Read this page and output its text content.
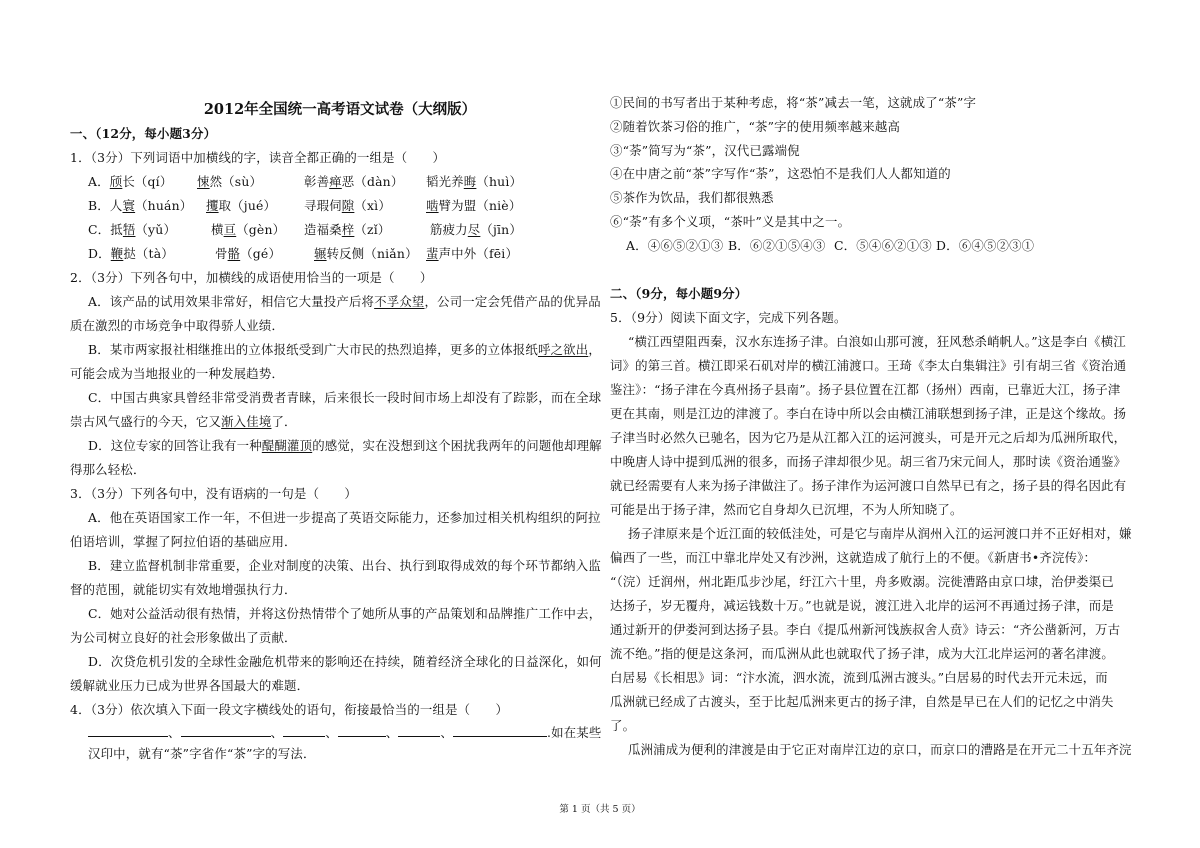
2012年全国统一高考语文试卷（大纲版）
一、（12分，每小题3分）
1．（3分）下列词语中加横线的字，读音全都正确的一组是（　　）
A．颀长（qí） 悚然（sù）	彰善瘅恶（dàn） 韬光养晦（huì）
B．人寰（huán） 攫取（jué） 寻瑕伺隙（xì）	啮臂为盟（niè）
C．抵牾（yǔ）	横亘（gèn） 造福桑梓（zǐ）	筋疲力尽（jīn）
D．鞭挞（tà）	骨骼（gé）	辗转反侧（niǎn） 蜚声中外（fēi）
2．（3分）下列各句中，加横线的成语使用恰当的一项是（　　）
A．该产品的试用效果非常好，相信它大量投产后将不孚众望，公司一定会凭借产品的优异品
质在激烈的市场竞争中取得骄人业绩．
B．某市两家报社相继推出的立体报纸受到广大市民的热烈追捧，更多的立体报纸呼之欲出，
可能会成为当地报业的一种发展趋势．
C．中国古典家具曾经非常受消费者青睐，后来很长一段时间市场上却没有了踪影，而在全球
崇古风气盛行的今天，它又渐入佳境了．
D．这位专家的回答让我有一种醍醐灌顶的感觉，实在没想到这个困扰我两年的问题他却理解
得那么轻松．
3．（3分）下列各句中，没有语病的一句是（　　）
A．他在英语国家工作一年，不但进一步提高了英语交际能力，还参加过相关机构组织的阿拉
伯语培训，掌握了阿拉伯语的基础应用．
B．建立监督机制非常重要，企业对制度的决策、出台、执行到取得成效的每个环节都纳入监
督的范围，就能切实有效地增强执行力．
C．她对公益活动很有热情，并将这份热情带个了她所从事的产品策划和品牌推广工作中去，
为公司树立良好的社会形象做出了贡献．
D．次贷危机引发的全球性金融危机带来的影响还在持续，随着经济全球化的日益深化，如何
缓解就业压力已成为世界各国最大的难题．
4．（3分）依次填入下面一段文字横线处的语句，衔接最恰当的一组是（　　）
、	、	、	、	、	.如在某些
汉印中，就有“茶”字省作“茶”字的写法．
①民间的书写者出于某种考虑，将“茶”减去一笔，这就成了“茶”字
②随着饮茶习俗的推广，“茶”字的使用频率越来越高
③“荼”简写为“茶”，汉代已露端倪
④在中唐之前“茶”字写作“荼”，这恐怕不是我们人人都知道的
⑤茶作为饮品，我们都很熟悉
⑥“荼”有多个义项，“茶叶”义是其中之一。
A．④⑥⑤②①③ B．⑥②①⑤④③ C．⑤④⑥②①③ D．⑥④⑤②③①
二、（9分，每小题9分）
5．（9分）阅读下面文字，完成下列各题。
“横江西望阻西秦，汉水东连扬子津。白浪如山那可渡，狂风愁杀峭帆人。”这是李白《横江
词》的第三首。横江即采石矶对岸的横江浦渡口。王琦《李太白集辑注》引有胡三省《资治通
鉴注》：“扬子津在今真州扬子县南”。扬子县位置在江都（扬州）西南，已靠近大江，扬子津
更在其南，则是江边的津渡了。李白在诗中所以会由横江浦联想到扬子津，正是这个缘故。扬
子津当时必然久已驰名，因为它乃是从江都入江的运河渡头，可是开元之后却为瓜洲所取代，
中晚唐人诗中提到瓜洲的很多，而扬子津却很少见。胡三省乃宋元间人，那时读《资治通鉴》
就已经需要有人来为扬子津做注了。扬子津作为运河渡口自然早已有之，扬子县的得名因此有
可能是出于扬子津，然而它自身却久已沉埋，不为人所知晓了。
扬子津原来是个近江面的较低洼处，可是它与南岸从润州入江的运河渡口并不正好相对，嫌
偏西了一些，而江中靠北岸处又有沙洲，这就造成了航行上的不便。《新唐书•齐浣传》：
“（浣）迁润州，州北距瓜步沙尾，纡江六十里，舟多败溺。浣徙漕路由京口埭，治伊娄渠已
达扬子，岁无覆舟，减运钱数十万。”也就是说，渡江进入北岸的运河不再通过扬子津，而是
通过新开的伊娄河到达扬子县。李白《提瓜州新河饯族叔舍人贲》诗云：“齐公凿新河，万古
流不绝。”指的便是这条河，而瓜洲从此也就取代了扬子津，成为大江北岸运河的著名津渡。
白居易《长相思》词：“汴水流，泗水流，流到瓜洲古渡头。”白居易的时代去开元未远，而
瓜洲就已经成了古渡头，至于比起瓜洲来更古的扬子津，自然是早已在人们的记忆之中消失
了。
瓜洲浦成为便利的津渡是由于它正对南岸江边的京口，而京口的漕路是在开元二十五年齐浣
第 1 页（共 5 页）
